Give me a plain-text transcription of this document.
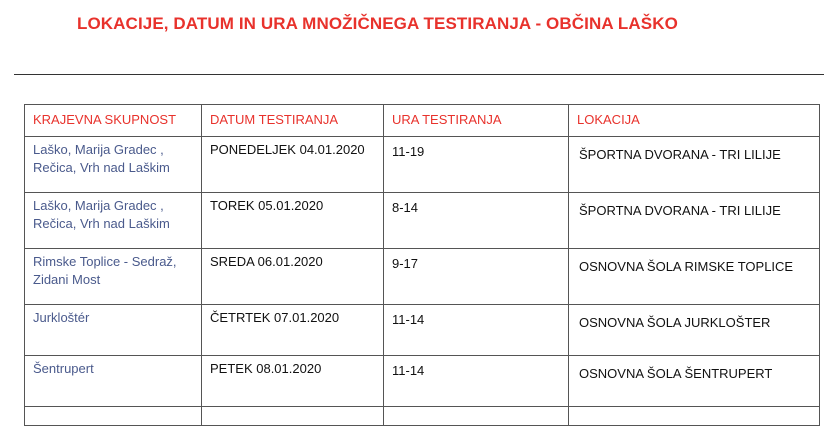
LOKACIJE, DATUM IN URA MNOŽIČNEGA TESTIRANJA - OBČINA LAŠKO
KRAJEVNA SKUPNOST	DATUM TESTIRANJA	URA TESTIRANJA	LOKACIJA

Laško, Marija Gradec ,
Rečica, Vrh nad Laškim	PONEDELJEK 04.01.2020	11-19	ŠPORTNA DVORANA - TRI LILIJE

Laško, Marija Gradec ,
Rečica, Vrh nad Laškim	TOREK 05.01.2020	8-14	ŠPORTNA DVORANA - TRI LILIJE

Rimske Toplice - Sedraž,
Zidani Most	SREDA 06.01.2020	9-17	OSNOVNA ŠOLA RIMSKE TOPLICE

Jurkloštér	ČETRTEK 07.01.2020	11-14	OSNOVNA ŠOLA JURKLOŠTER

Šentrupert	PETEK 08.01.2020	11-14	OSNOVNA ŠOLA ŠENTRUPERT
